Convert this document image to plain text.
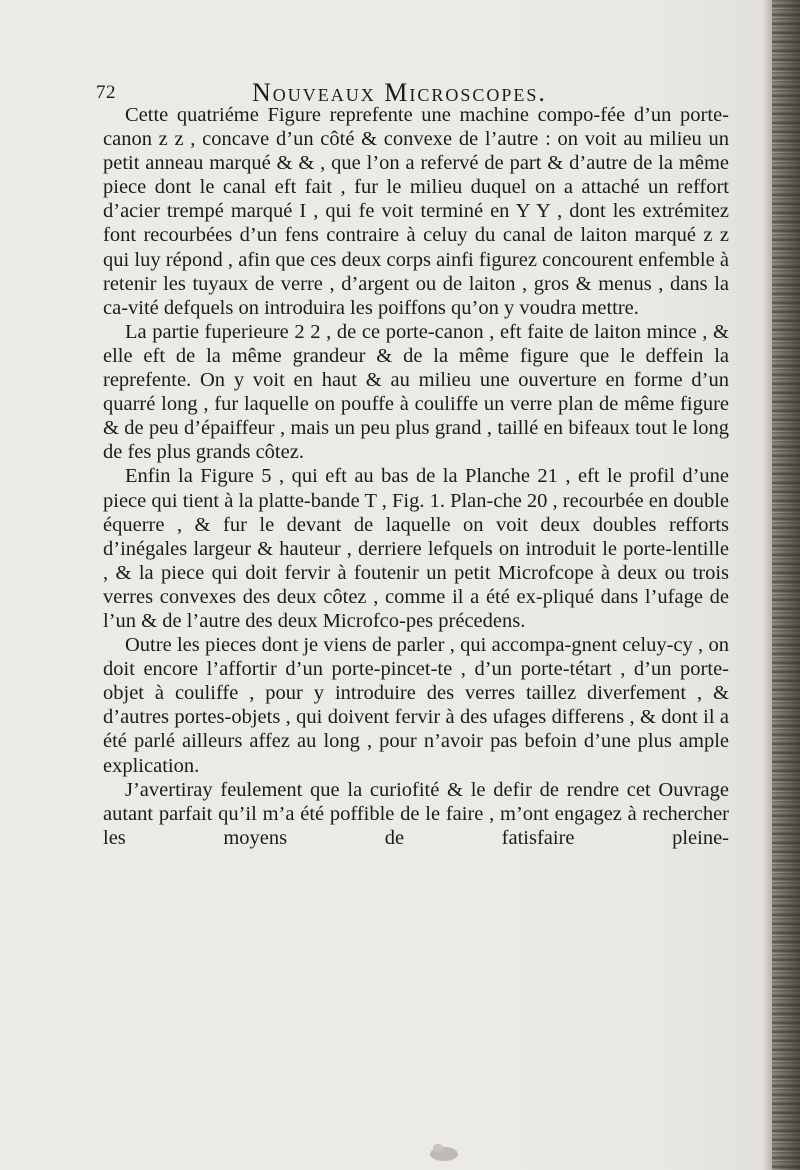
72	Nouveaux Microscopes.

Cette quatriéme Figure reprefente une machine compo-fée d’un porte-canon z z , concave d’un côté & convexe de l’autre : on voit au milieu un petit anneau marqué & & , que l’on a refervé de part & d’autre de la même piece dont le canal eft fait , fur le milieu duquel on a attaché un reffort d’acier trempé marqué I , qui fe voit terminé en Y Y , dont les extrémitez font recourbées d’un fens contraire à celuy du canal de laiton marqué z z qui luy répond , afin que ces deux corps ainfi figurez concourent enfemble à retenir les tuyaux de verre , d’argent ou de laiton , gros & menus , dans la ca-vité defquels on introduira les poiffons qu’on y voudra mettre.

La partie fuperieure 2 2 , de ce porte-canon , eft faite de laiton mince , & elle eft de la même grandeur & de la même figure que le deffein la reprefente. On y voit en haut & au milieu une ouverture en forme d’un quarré long , fur laquelle on pouffe à couliffe un verre plan de même figure & de peu d’épaiffeur , mais un peu plus grand , taillé en bifeaux tout le long de fes plus grands côtez.

Enfin la Figure 5 , qui eft au bas de la Planche 21 , eft le profil d’une piece qui tient à la platte-bande T , Fig. 1. Plan-che 20 , recourbée en double équerre , & fur le devant de laquelle on voit deux doubles refforts d’inégales largeur & hauteur , derriere lefquels on introduit le porte-lentille , & la piece qui doit fervir à foutenir un petit Microfcope à deux ou trois verres convexes des deux côtez , comme il a été ex-pliqué dans l’ufage de l’un & de l’autre des deux Microfco-pes précedens.

Outre les pieces dont je viens de parler , qui accompa-gnent celuy-cy , on doit encore l’affortir d’un porte-pincet-te , d’un porte-tétart , d’un porte-objet à couliffe , pour y introduire des verres taillez diverfement , & d’autres portes-objets , qui doivent fervir à des ufages differens , & dont il a été parlé ailleurs affez au long , pour n’avoir pas befoin d’une plus ample explication.

J’avertiray feulement que la curiofité & le defir de rendre cet Ouvrage autant parfait qu’il m’a été poffible de le faire , m’ont engagez à rechercher les moyens de fatisfaire pleine-
